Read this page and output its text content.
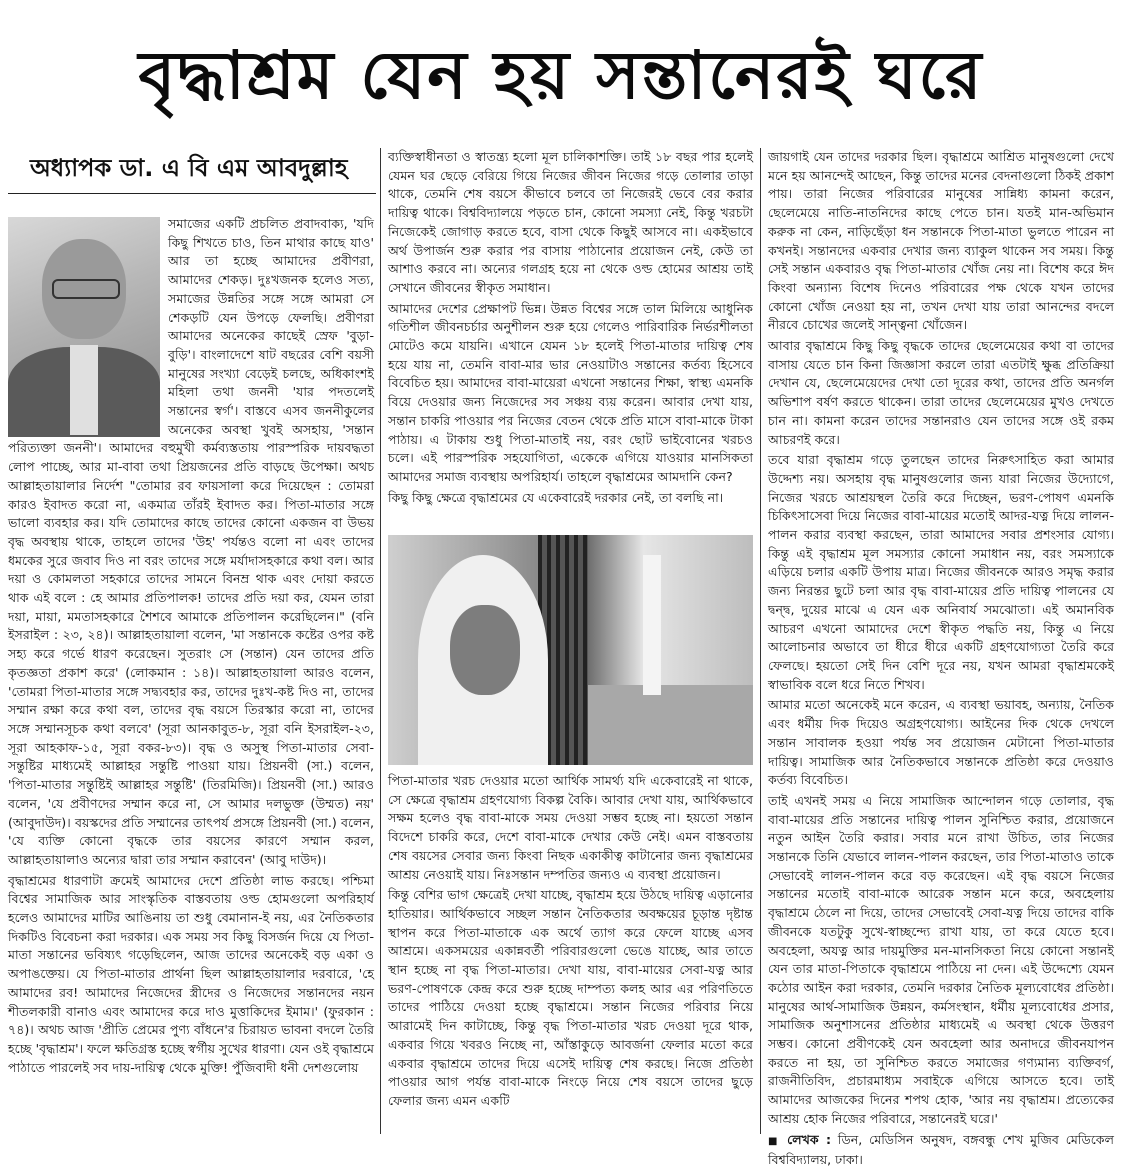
বৃদ্ধাশ্রম যেন হয় সন্তানেরই ঘরে
অধ্যাপক ডা. এ বি এম আবদুল্লাহ

সমাজের একটি প্রচলিত প্রবাদবাক্য, 'যদি কিছু শিখতে চাও, তিন মাথার কাছে যাও' আর তা হচ্ছে আমাদের প্রবীণরা, আমাদের শেকড়। দুঃখজনক হলেও সত্য, সমাজের উন্নতির সঙ্গে সঙ্গে আমরা সে শেকড়টি যেন উপড়ে ফেলছি। প্রবীণরা আমাদের অনেকের কাছেই স্রেফ 'বুড়া-বুড়ি'। বাংলাদেশে ষাট বছরের বেশি বয়সী মানুষের সংখ্যা বেড়েই চলছে, অধিকাংশই মহিলা তথা জননী 'যার পদতলেই সন্তানের স্বর্গ'। বাস্তবে এসব জননীকুলের অনেকের অবস্থা খুবই অসহায়, 'সন্তান পরিত্যক্তা জননী'। আমাদের বহুমুখী কর্মব্যস্ততায় পারস্পরিক দায়বদ্ধতা লোপ পাচ্ছে, আর মা-বাবা তথা প্রিয়জনের প্রতি বাড়ছে উপেক্ষা। অথচ আল্লাহতায়ালার নির্দেশ "তোমার রব ফায়সালা করে দিয়েছেন : তোমরা কারও ইবাদত করো না, একমাত্র তাঁরই ইবাদত কর। পিতা-মাতার সঙ্গে ভালো ব্যবহার কর। যদি তোমাদের কাছে তাদের কোনো একজন বা উভয় বৃদ্ধ অবস্থায় থাকে, তাহলে তাদের 'উহ' পর্যন্তও বলো না এবং তাদের ধমকের সুরে জবাব দিও না বরং তাদের সঙ্গে মর্যাদাসহকারে কথা বল। আর দয়া ও কোমলতা সহকারে তাদের সামনে বিনম্র থাক এবং দোয়া করতে থাক এই বলে : হে আমার প্রতিপালক! তাদের প্রতি দয়া কর, যেমন তারা দয়া, মায়া, মমতাসহকারে শৈশবে আমাকে প্রতিপালন করেছিলেন।" (বনি ইসরাইল : ২৩, ২৪)। আল্লাহতায়ালা বলেন, 'মা সন্তানকে কষ্টের ওপর কষ্ট সহ্য করে গর্ভে ধারণ করেছেন। সুতরাং সে (সন্তান) যেন তাদের প্রতি কৃতজ্ঞতা প্রকাশ করে' (লোকমান : ১৪)। আল্লাহতায়ালা আরও বলেন, 'তোমরা পিতা-মাতার সঙ্গে সদ্ব্যবহার কর, তাদের দুঃখ-কষ্ট দিও না, তাদের সম্মান রক্ষা করে কথা বল, তাদের বৃদ্ধ বয়সে তিরস্কার করো না, তাদের সঙ্গে সম্মানসূচক কথা বলবে' (সূরা আনকাবুত-৮, সূরা বনি ইসরাইল-২৩, সূরা আহকাফ-১৫, সূরা বকর-৮৩)। বৃদ্ধ ও অসুস্থ পিতা-মাতার সেবা-সন্তুষ্টির মাধ্যমেই আল্লাহর সন্তুষ্টি পাওয়া যায়। প্রিয়নবী (সা.) বলেন, 'পিতা-মাতার সন্তুষ্টিই আল্লাহর সন্তুষ্টি' (তিরমিজি)। প্রিয়নবী (সা.) আরও বলেন, 'যে প্রবীণদের সম্মান করে না, সে আমার দলভুক্ত (উম্মত) নয়' (আবুদাউদ)। বয়স্কদের প্রতি সম্মানের তাৎপর্য প্রসঙ্গে প্রিয়নবী (সা.) বলেন, 'যে ব্যক্তি কোনো বৃদ্ধকে তার বয়সের কারণে সম্মান করল, আল্লাহতায়ালাও অন্যের দ্বারা তার সম্মান করাবেন' (আবু দাউদ)।

বৃদ্ধাশ্রমের ধারণাটা ক্রমেই আমাদের দেশে প্রতিষ্ঠা লাভ করছে। পশ্চিমা বিশ্বের সামাজিক আর সাংস্কৃতিক বাস্তবতায় ওল্ড হোমগুলো অপরিহার্য হলেও আমাদের মাটির আঙিনায় তা শুধু বেমানান-ই নয়, এর নৈতিকতার দিকটিও বিবেচনা করা দরকার। এক সময় সব কিছু বিসর্জন দিয়ে যে পিতা-মাতা সন্তানের ভবিষ্যৎ গড়েছিলেন, আজ তাদের অনেকেই বড় একা ও অপাঙক্তেয়। যে পিতা-মাতার প্রার্থনা ছিল আল্লাহতায়ালার দরবারে, 'হে আমাদের রব! আমাদের নিজেদের স্ত্রীদের ও নিজেদের সন্তানদের নয়ন শীতলকারী বানাও এবং আমাদের করে দাও মুত্তাকিদের ইমাম।' (ফুরকান : ৭৪)। অথচ আজ 'প্রীতি প্রেমের পুণ্য বাঁধনে'র চিরায়ত ভাবনা বদলে তৈরি হচ্ছে 'বৃদ্ধাশ্রম'। ফলে ক্ষতিগ্রস্ত হচ্ছে স্বর্গীয় সুখের ধারণা। যেন ওই বৃদ্ধাশ্রমে পাঠাতে পারলেই সব দায়-দায়িত্ব থেকে মুক্তি! পুঁজিবাদী ধনী দেশগুলোয়

ব্যক্তিস্বাধীনতা ও স্বাতন্ত্র্য হলো মূল চালিকাশক্তি। তাই ১৮ বছর পার হলেই যেমন ঘর ছেড়ে বেরিয়ে গিয়ে নিজের জীবন নিজের গড়ে তোলার তাড়া থাকে, তেমনি শেষ বয়সে কীভাবে চলবে তা নিজেরই ভেবে বের করার দায়িত্ব থাকে। বিশ্ববিদ্যালয়ে পড়তে চান, কোনো সমস্যা নেই, কিন্তু খরচটা নিজেকেই জোগাড় করতে হবে, বাসা থেকে কিছুই আসবে না। একইভাবে অর্থ উপার্জন শুরু করার পর বাসায় পাঠানোর প্রয়োজন নেই, কেউ তা আশাও করবে না। অন্যের গলগ্রহ হয়ে না থেকে ওল্ড হোমের আশ্রয় তাই সেখানে জীবনের স্বীকৃত সমাধান।

আমাদের দেশের প্রেক্ষাপট ভিন্ন। উন্নত বিশ্বের সঙ্গে তাল মিলিয়ে আধুনিক গতিশীল জীবনচর্চার অনুশীলন শুরু হয়ে গেলেও পারিবারিক নির্ভরশীলতা মোটেও কমে যায়নি। এখানে যেমন ১৮ হলেই পিতা-মাতার দায়িত্ব শেষ হয়ে যায় না, তেমনি বাবা-মার ভার নেওয়াটাও সন্তানের কর্তব্য হিসেবে বিবেচিত হয়। আমাদের বাবা-মায়েরা এখনো সন্তানের শিক্ষা, স্বাস্থ্য এমনকি বিয়ে দেওয়ার জন্য নিজেদের সব সঞ্চয় ব্যয় করেন। আবার দেখা যায়, সন্তান চাকরি পাওয়ার পর নিজের বেতন থেকে প্রতি মাসে বাবা-মাকে টাকা পাঠায়। এ টাকায় শুধু পিতা-মাতাই নয়, বরং ছোট ভাইবোনের খরচও চলে। এই পারস্পরিক সহযোগিতা, একেকে এগিয়ে যাওয়ার মানসিকতা আমাদের সমাজ ব্যবস্থায় অপরিহার্য। তাহলে বৃদ্ধাশ্রমের আমদানি কেন?

কিছু কিছু ক্ষেত্রে বৃদ্ধাশ্রমের যে একেবারেই দরকার নেই, তা বলছি না।

পিতা-মাতার খরচ দেওয়ার মতো আর্থিক সামর্থ্য যদি একেবারেই না থাকে, সে ক্ষেত্রে বৃদ্ধাশ্রম গ্রহণযোগ্য বিকল্প বৈকি। আবার দেখা যায়, আর্থিকভাবে সক্ষম হলেও বৃদ্ধ বাবা-মাকে সময় দেওয়া সম্ভব হচ্ছে না। হয়তো সন্তান বিদেশে চাকরি করে, দেশে বাবা-মাকে দেখার কেউ নেই। এমন বাস্তবতায় শেষ বয়সের সেবার জন্য কিংবা নিছক একাকীত্ব কাটানোর জন্য বৃদ্ধাশ্রমের আশ্রয় নেওয়াই যায়। নিঃসন্তান দম্পতির জন্যও এ ব্যবস্থা প্রয়োজন।

কিন্তু বেশির ভাগ ক্ষেত্রেই দেখা যাচ্ছে, বৃদ্ধাশ্রম হয়ে উঠছে দায়িত্ব এড়ানোর হাতিয়ার। আর্থিকভাবে সচ্ছল সন্তান নৈতিকতার অবক্ষয়ের চূড়ান্ত দৃষ্টান্ত স্থাপন করে পিতা-মাতাকে এক অর্থে ত্যাগ করে ফেলে যাচ্ছে এসব আশ্রমে। একসময়ের একান্নবর্তী পরিবারগুলো ভেঙে যাচ্ছে, আর তাতে স্থান হচ্ছে না বৃদ্ধ পিতা-মাতার। দেখা যায়, বাবা-মায়ের সেবা-যত্ন আর ভরণ-পোষণকে কেন্দ্র করে শুরু হচ্ছে দাম্পত্য কলহ আর এর পরিণতিতে তাদের পাঠিয়ে দেওয়া হচ্ছে বৃদ্ধাশ্রমে। সন্তান নিজের পরিবার নিয়ে আরামেই দিন কাটাচ্ছে, কিন্তু বৃদ্ধ পিতা-মাতার খরচ দেওয়া দূরে থাক, একবার গিয়ে খবরও নিচ্ছে না, আঁস্তাকুড়ে আবর্জনা ফেলার মতো করে একবার বৃদ্ধাশ্রমে তাদের দিয়ে এসেই দায়িত্ব শেষ করছে। নিজে প্রতিষ্ঠা পাওয়ার আগ পর্যন্ত বাবা-মাকে নিংড়ে নিয়ে শেষ বয়সে তাদের ছুড়ে ফেলার জন্য এমন একটি

জায়গাই যেন তাদের দরকার ছিল। বৃদ্ধাশ্রমে আশ্রিত মানুষগুলো দেখে মনে হয় আনন্দেই আছেন, কিন্তু তাদের মনের বেদনাগুলো ঠিকই প্রকাশ পায়। তারা নিজের পরিবারের মানুষের সান্নিধ্য কামনা করেন, ছেলেমেয়ে নাতি-নাতনিদের কাছে পেতে চান। যতই মান-অভিমান করুক না কেন, নাড়িছেঁড়া ধন সন্তানকে পিতা-মাতা ভুলতে পারেন না কখনই। সন্তানদের একবার দেখার জন্য ব্যাকুল থাকেন সব সময়। কিন্তু সেই সন্তান একবারও বৃদ্ধ পিতা-মাতার খোঁজ নেয় না। বিশেষ করে ঈদ কিংবা অন্যান্য বিশেষ দিনেও পরিবারের পক্ষ থেকে যখন তাদের কোনো খোঁজ নেওয়া হয় না, তখন দেখা যায় তারা আনন্দের বদলে নীরবে চোখের জলেই সান্ত্বনা খোঁজেন।

আবার বৃদ্ধাশ্রমে কিছু কিছু বৃদ্ধকে তাদের ছেলেমেয়ের কথা বা তাদের বাসায় যেতে চান কিনা জিজ্ঞাসা করলে তারা এতটাই ক্ষুব্ধ প্রতিক্রিয়া দেখান যে, ছেলেমেয়েদের দেখা তো দূরের কথা, তাদের প্রতি অনর্গল অভিশাপ বর্ষণ করতে থাকেন। তারা তাদের ছেলেমেয়ের মুখও দেখতে চান না। কামনা করেন তাদের সন্তানরাও যেন তাদের সঙ্গে ওই রকম আচরণই করে।

তবে যারা বৃদ্ধাশ্রম গড়ে তুলছেন তাদের নিরুৎসাহিত করা আমার উদ্দেশ্য নয়। অসহায় বৃদ্ধ মানুষগুলোর জন্য যারা নিজের উদ্যোগে, নিজের খরচে আশ্রয়স্থল তৈরি করে দিচ্ছেন, ভরণ-পোষণ এমনকি চিকিৎসাসেবা দিয়ে নিজের বাবা-মায়ের মতোই আদর-যত্ন দিয়ে লালন-পালন করার ব্যবস্থা করছেন, তারা আমাদের সবার প্রশংসার যোগ্য। কিন্তু এই বৃদ্ধাশ্রম মূল সমস্যার কোনো সমাধান নয়, বরং সমস্যাকে এড়িয়ে চলার একটি উপায় মাত্র। নিজের জীবনকে আরও সমৃদ্ধ করার জন্য নিরন্তর ছুটে চলা আর বৃদ্ধ বাবা-মায়ের প্রতি দায়িত্ব পালনের যে দ্বন্দ্ব, দুয়ের মাঝে এ যেন এক অনিবার্য সমঝোতা। এই অমানবিক আচরণ এখনো আমাদের দেশে স্বীকৃত পদ্ধতি নয়, কিন্তু এ নিয়ে আলোচনার অভাবে তা ধীরে ধীরে একটি গ্রহণযোগ্যতা তৈরি করে ফেলছে। হয়তো সেই দিন বেশি দূরে নয়, যখন আমরা বৃদ্ধাশ্রমকেই স্বাভাবিক বলে ধরে নিতে শিখব।

আমার মতো অনেকেই মনে করেন, এ ব্যবস্থা ভয়াবহ, অন্যায়, নৈতিক এবং ধর্মীয় দিক দিয়েও অগ্রহণযোগ্য। আইনের দিক থেকে দেখলে সন্তান সাবালক হওয়া পর্যন্ত সব প্রয়োজন মেটানো পিতা-মাতার দায়িত্ব। সামাজিক আর নৈতিকভাবে সন্তানকে প্রতিষ্ঠা করে দেওয়াও কর্তব্য বিবেচিত।

তাই এখনই সময় এ নিয়ে সামাজিক আন্দোলন গড়ে তোলার, বৃদ্ধ বাবা-মায়ের প্রতি সন্তানের দায়িত্ব পালন সুনিশ্চিত করার, প্রয়োজনে নতুন আইন তৈরি করার। সবার মনে রাখা উচিত, তার নিজের সন্তানকে তিনি যেভাবে লালন-পালন করছেন, তার পিতা-মাতাও তাকে সেভাবেই লালন-পালন করে বড় করেছেন। এই বৃদ্ধ বয়সে নিজের সন্তানের মতোই বাবা-মাকে আরেক সন্তান মনে করে, অবহেলায় বৃদ্ধাশ্রমে ঠেলে না দিয়ে, তাদের সেভাবেই সেবা-যত্ন দিয়ে তাদের বাকি জীবনকে যতটুকু সুখে-স্বাচ্ছন্দ্যে রাখা যায়, তা করে যেতে হবে। অবহেলা, অযত্ন আর দায়মুক্তির মন-মানসিকতা নিয়ে কোনো সন্তানই যেন তার মাতা-পিতাকে বৃদ্ধাশ্রমে পাঠিয়ে না দেন। এই উদ্দেশ্যে যেমন কঠোর আইন করা দরকার, তেমনি দরকার নৈতিক মূল্যবোধের প্রতিষ্ঠা। মানুষের আর্থ-সামাজিক উন্নয়ন, কর্মসংস্থান, ধর্মীয় মূল্যবোধের প্রসার, সামাজিক অনুশাসনের প্রতিষ্ঠার মাধ্যমেই এ অবস্থা থেকে উত্তরণ সম্ভব। কোনো প্রবীণকেই যেন অবহেলা আর অনাদরে জীবনযাপন করতে না হয়, তা সুনিশ্চিত করতে সমাজের গণ্যমান্য ব্যক্তিবর্গ, রাজনীতিবিদ, প্রচারমাধ্যম সবাইকে এগিয়ে আসতে হবে। তাই আমাদের আজকের দিনের শপথ হোক, 'আর নয় বৃদ্ধাশ্রম। প্রত্যেকের আশ্রয় হোক নিজের পরিবারে, সন্তানেরই ঘরে।'

■ লেখক : ডিন, মেডিসিন অনুষদ, বঙ্গবন্ধু শেখ মুজিব মেডিকেল বিশ্ববিদ্যালয়, ঢাকা।
